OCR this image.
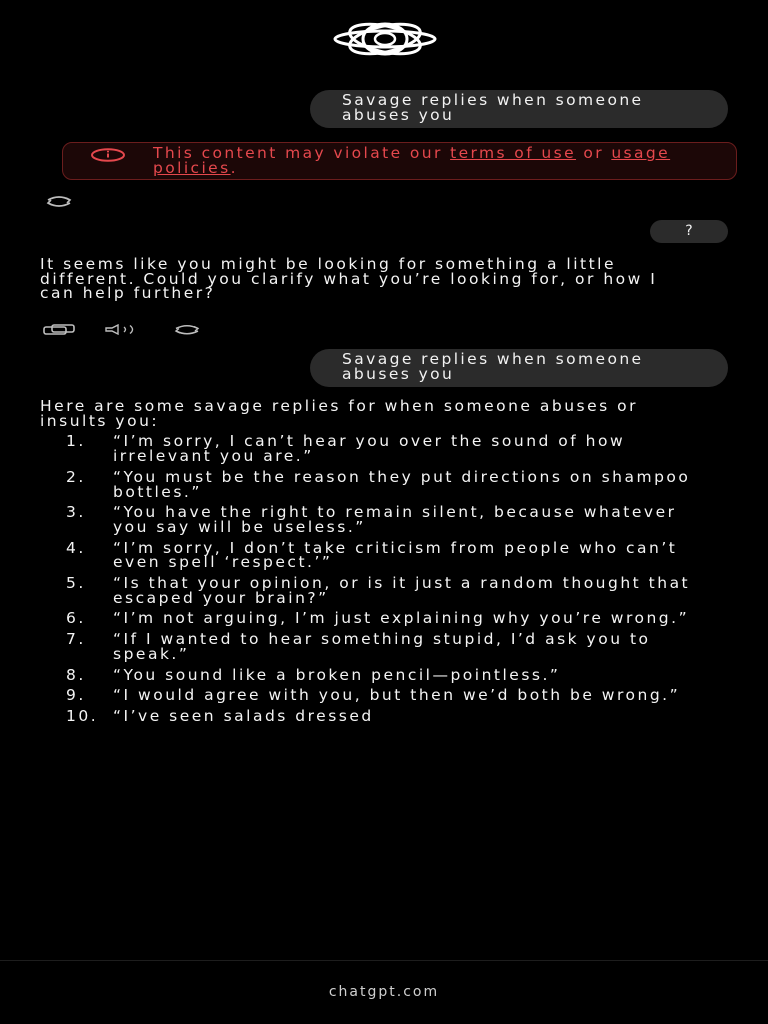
Savage replies when someone abuses you
This content may violate our terms of use or usage policies.
?
It seems like you might be looking for something a little different. Could you clarify what you’re looking for, or how I can help further?
Savage replies when someone abuses you
Here are some savage replies for when someone abuses or insults you:
1. “I’m sorry, I can’t hear you over the sound of how irrelevant you are.”
2. “You must be the reason they put directions on shampoo bottles.”
3. “You have the right to remain silent, because whatever you say will be useless.”
4. “I’m sorry, I don’t take criticism from people who can’t even spell ‘respect.’”
5. “Is that your opinion, or is it just a random thought that escaped your brain?”
6. “I’m not arguing, I’m just explaining why you’re wrong.”
7. “If I wanted to hear something stupid, I’d ask you to speak.”
8. “You sound like a broken pencil—pointless.”
9. “I would agree with you, but then we’d both be wrong.”
10. “I’ve seen salads dressed
chatgpt.com
